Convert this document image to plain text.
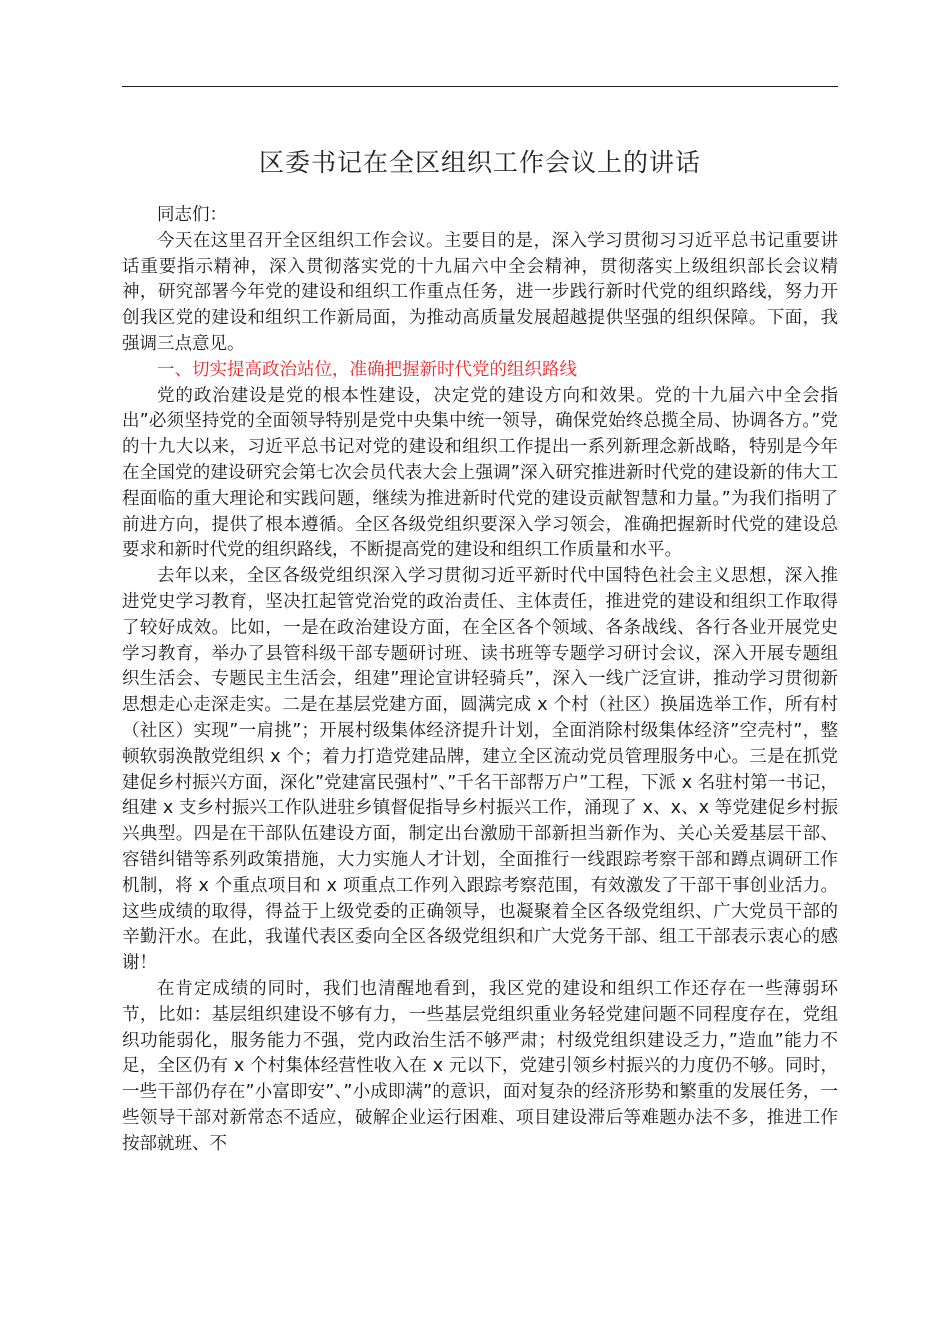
区委书记在全区组织工作会议上的讲话

同志们：

今天在这里召开全区组织工作会议。主要目的是，深入学习贯彻习习近平总书记重要讲话重要指示精神，深入贯彻落实党的十九届六中全会精神，贯彻落实上级组织部长会议精神，研究部署今年党的建设和组织工作重点任务，进一步践行新时代党的组织路线，努力开创我区党的建设和组织工作新局面，为推动高质量发展超越提供坚强的组织保障。下面，我强调三点意见。

一、切实提高政治站位，准确把握新时代党的组织路线

党的政治建设是党的根本性建设，决定党的建设方向和效果。党的十九届六中全会指出”必须坚持党的全面领导特别是党中央集中统一领导，确保党始终总揽全局、协调各方。”党的十九大以来，习近平总书记对党的建设和组织工作提出一系列新理念新战略，特别是今年在全国党的建设研究会第七次会员代表大会上强调”深入研究推进新时代党的建设新的伟大工程面临的重大理论和实践问题，继续为推进新时代党的建设贡献智慧和力量。”为我们指明了前进方向，提供了根本遵循。全区各级党组织要深入学习领会，准确把握新时代党的建设总要求和新时代党的组织路线，不断提高党的建设和组织工作质量和水平。

去年以来，全区各级党组织深入学习贯彻习近平新时代中国特色社会主义思想，深入推进党史学习教育，坚决扛起管党治党的政治责任、主体责任，推进党的建设和组织工作取得了较好成效。比如，一是在政治建设方面，在全区各个领域、各条战线、各行各业开展党史学习教育，举办了县管科级干部专题研讨班、读书班等专题学习研讨会议，深入开展专题组织生活会、专题民主生活会，组建”理论宣讲轻骑兵”，深入一线广泛宣讲，推动学习贯彻新思想走心走深走实。二是在基层党建方面，圆满完成 x 个村（社区）换届选举工作，所有村（社区）实现”一肩挑”；开展村级集体经济提升计划，全面消除村级集体经济”空壳村”，整顿软弱涣散党组织 x 个；着力打造党建品牌，建立全区流动党员管理服务中心。三是在抓党建促乡村振兴方面，深化”党建富民强村”、”千名干部帮万户”工程，下派 x 名驻村第一书记，组建 x 支乡村振兴工作队进驻乡镇督促指导乡村振兴工作，涌现了 x、x、x 等党建促乡村振兴典型。四是在干部队伍建设方面，制定出台激励干部新担当新作为、关心关爱基层干部、容错纠错等系列政策措施，大力实施人才计划，全面推行一线跟踪考察干部和蹲点调研工作机制，将 x 个重点项目和 x 项重点工作列入跟踪考察范围，有效激发了干部干事创业活力。这些成绩的取得，得益于上级党委的正确领导，也凝聚着全区各级党组织、广大党员干部的辛勤汗水。在此，我谨代表区委向全区各级党组织和广大党务干部、组工干部表示衷心的感谢！

在肯定成绩的同时，我们也清醒地看到，我区党的建设和组织工作还存在一些薄弱环节，比如：基层组织建设不够有力，一些基层党组织重业务轻党建问题不同程度存在，党组织功能弱化，服务能力不强，党内政治生活不够严肃；村级党组织建设乏力，”造血”能力不足，全区仍有 x 个村集体经营性收入在 x 元以下，党建引领乡村振兴的力度仍不够。同时，一些干部仍存在”小富即安”、”小成即满”的意识，面对复杂的经济形势和繁重的发展任务，一些领导干部对新常态不适应，破解企业运行困难、项目建设滞后等难题办法不多，推进工作按部就班、不
